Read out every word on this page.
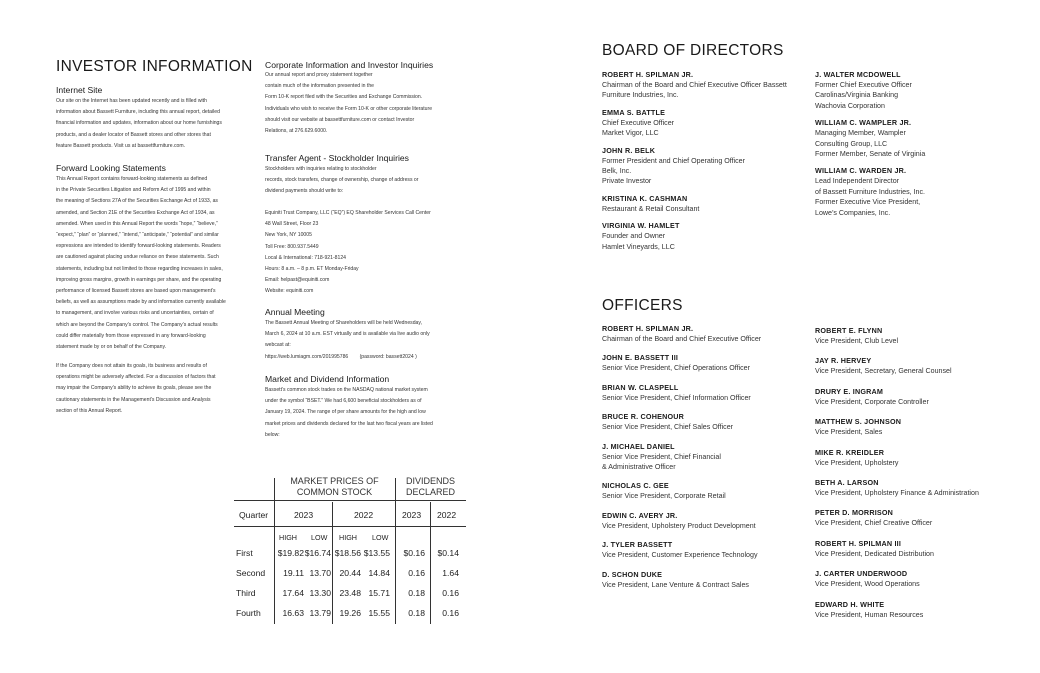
INVESTOR INFORMATION
Internet Site
Our site on the Internet has been updated recently and is filled with
information about Bassett Furniture, including this annual report, detailed
financial information and updates, information about our home furnishings
products, and a dealer locator of Bassett stores and other stores that
feature Bassett products. Visit us at bassettfurniture.com.
Forward Looking Statements
This Annual Report contains forward-looking statements as defined
in the Private Securities Litigation and Reform Act of 1995 and within
the meaning of Sections 27A of the Securities Exchange Act of 1933, as
amended, and Section 21E of the Securities Exchange Act of 1934, as
amended. When used in this Annual Report the words “hope,” “believe,”
“expect,” “plan” or “planned,” “intend,” “anticipate,” “potential” and similar
expressions are intended to identify forward-looking statements. Readers
are cautioned against placing undue reliance on these statements. Such
statements, including but not limited to those regarding increases in sales,
improving gross margins, growth in earnings per share, and the operating
performance of licensed Bassett stores are based upon management’s
beliefs, as well as assumptions made by and information currently available
to management, and involve various risks and uncertainties, certain of
which are beyond the Company’s control. The Company’s actual results
could differ materially from those expressed in any forward-looking
statement made by or on behalf of the Company.
If the Company does not attain its goals, its business and results of
operations might be adversely affected. For a discussion of factors that
may impair the Company’s ability to achieve its goals, please see the
cautionary statements in the Management’s Discussion and Analysis
section of this Annual Report.
Corporate Information and Investor Inquiries
Our annual report and proxy statement together
contain much of the information presented in the
Form 10-K report filed with the Securities and Exchange Commission.
Individuals who wish to receive the Form 10-K or other corporate literature
should visit our website at bassettfurniture.com or contact Investor
Relations, at 276.629.6000.
Transfer Agent - Stockholder Inquiries
Stockholders with inquiries relating to stockholder
records, stock transfers, change of ownership, change of address or
dividend payments should write to:
Equiniti Trust Company, LLC (“EQ”) EQ Shareholder Services Call Center
48 Wall Street, Floor 23
New York, NY 10005
Toll Free: 800.937.5449
Local & International: 718-921-8124
Hours: 8 a.m. – 8 p.m. ET Monday-Friday
Email: helpast@equiniti.com
Website: equiniti.com
Annual Meeting
The Bassett Annual Meeting of Shareholders will be held Wednesday,
March 6, 2024 at 10 a.m. EST virtually and is available via live audio only
webcast at:
https://web.lumiagm.com/201995786        (password: bassett2024 )
Market and Dividend Information
Bassett’s common stock trades on the NASDAQ national market system
under the symbol “BSET.” We had 6,600 beneficial stockholders as of
January 19, 2024. The range of per share amounts for the high and low
market prices and dividends declared for the last two fiscal years are listed
below:
MARKET PRICES OF
COMMON STOCK
DIVIDENDS
DECLARED
Quarter	2023	2022	2023 2022
HIGH LOW HIGH LOW
First	$19.82 $16.74 $18.56 $13.55	$0.16	$0.14
Second	19.11 13.70 20.44 14.84	0.16	1.64
Third	17.64 13.30 23.48 15.71	0.18	0.16
Fourth	16.63 13.79 19.26 15.55	0.18	0.16
BOARD OF DIRECTORS
ROBERT H. SPILMAN JR.
Chairman of the Board and Chief Executive Officer Bassett
Furniture Industries, Inc.
EMMA S. BATTLE
Chief Executive Officer
Market Vigor, LLC
JOHN R. BELK
Former President and Chief Operating Officer
Belk, Inc.
Private Investor
KRISTINA K. CASHMAN
Restaurant & Retail Consultant
VIRGINIA W. HAMLET
Founder and Owner
Hamlet Vineyards, LLC
J. WALTER MCDOWELL
Former Chief Executive Officer
Carolinas/Virginia Banking
Wachovia Corporation
WILLIAM C. WAMPLER JR.
Managing Member, Wampler
Consulting Group, LLC
Former Member, Senate of Virginia
WILLIAM C. WARDEN JR.
Lead Independent Director
of Bassett Furniture Industries, Inc.
Former Executive Vice President,
Lowe’s Companies, Inc.
OFFICERS
ROBERT H. SPILMAN JR.
Chairman of the Board and Chief Executive Officer
JOHN E. BASSETT III
Senior Vice President, Chief Operations Officer
BRIAN W. CLASPELL
Senior Vice President, Chief Information Officer
BRUCE R. COHENOUR
Senior Vice President, Chief Sales Officer
J. MICHAEL DANIEL
Senior Vice President, Chief Financial
& Administrative Officer
NICHOLAS C. GEE
Senior Vice President, Corporate Retail
EDWIN C. AVERY JR.
Vice President, Upholstery Product Development
J. TYLER BASSETT
Vice President, Customer Experience Technology
D. SCHON DUKE
Vice President, Lane Venture & Contract Sales
ROBERT E. FLYNN
Vice President, Club Level
JAY R. HERVEY
Vice President, Secretary, General Counsel
DRURY E. INGRAM
Vice President, Corporate Controller
MATTHEW S. JOHNSON
Vice President, Sales
MIKE R. KREIDLER
Vice President, Upholstery
BETH A. LARSON
Vice President, Upholstery Finance & Administration
PETER D. MORRISON
Vice President, Chief Creative Officer
ROBERT H. SPILMAN III
Vice President, Dedicated Distribution
J. CARTER UNDERWOOD
Vice President, Wood Operations
EDWARD H. WHITE
Vice President, Human Resources
